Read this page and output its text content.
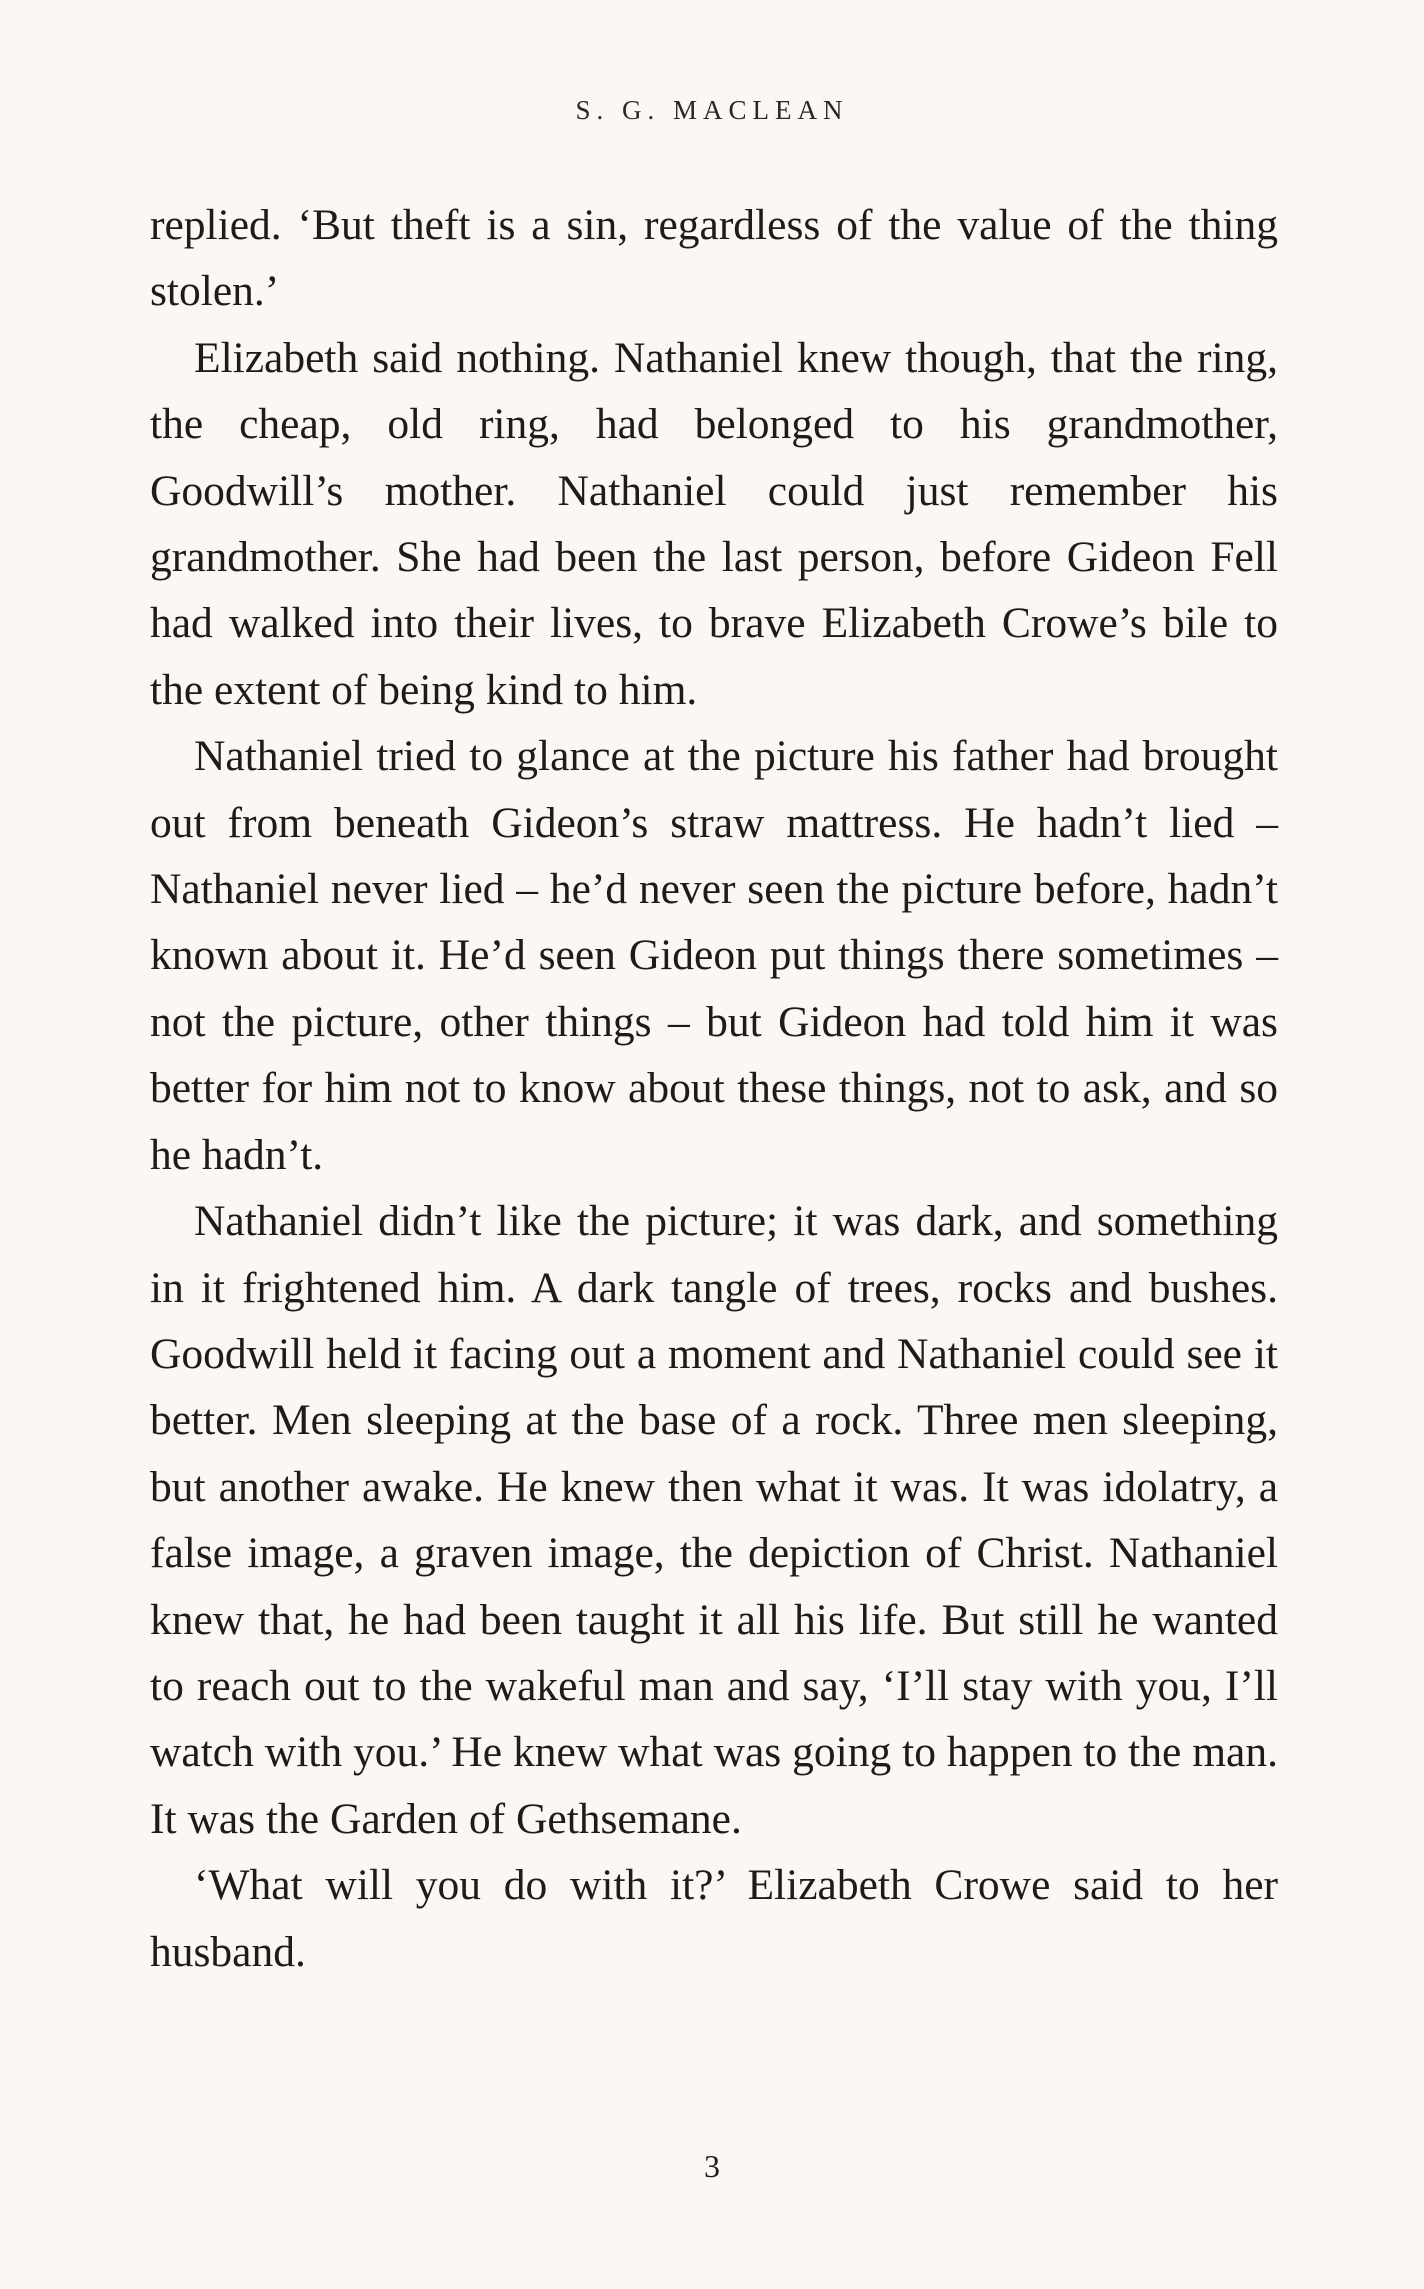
S. G. MACLEAN

replied. ‘But theft is a sin, regardless of the value of the thing stolen.’

Elizabeth said nothing. Nathaniel knew though, that the ring, the cheap, old ring, had belonged to his grandmother, Goodwill’s mother. Nathaniel could just remember his grandmother. She had been the last person, before Gideon Fell had walked into their lives, to brave Elizabeth Crowe’s bile to the extent of being kind to him.

Nathaniel tried to glance at the picture his father had brought out from beneath Gideon’s straw mattress. He hadn’t lied – Nathaniel never lied – he’d never seen the picture before, hadn’t known about it. He’d seen Gideon put things there sometimes – not the picture, other things – but Gideon had told him it was better for him not to know about these things, not to ask, and so he hadn’t.

Nathaniel didn’t like the picture; it was dark, and something in it frightened him. A dark tangle of trees, rocks and bushes. Goodwill held it facing out a moment and Nathaniel could see it better. Men sleeping at the base of a rock. Three men sleeping, but another awake. He knew then what it was. It was idolatry, a false image, a graven image, the depiction of Christ. Nathaniel knew that, he had been taught it all his life. But still he wanted to reach out to the wakeful man and say, ‘I’ll stay with you, I’ll watch with you.’ He knew what was going to happen to the man. It was the Garden of Gethsemane.

‘What will you do with it?’ Elizabeth Crowe said to her husband.

3
